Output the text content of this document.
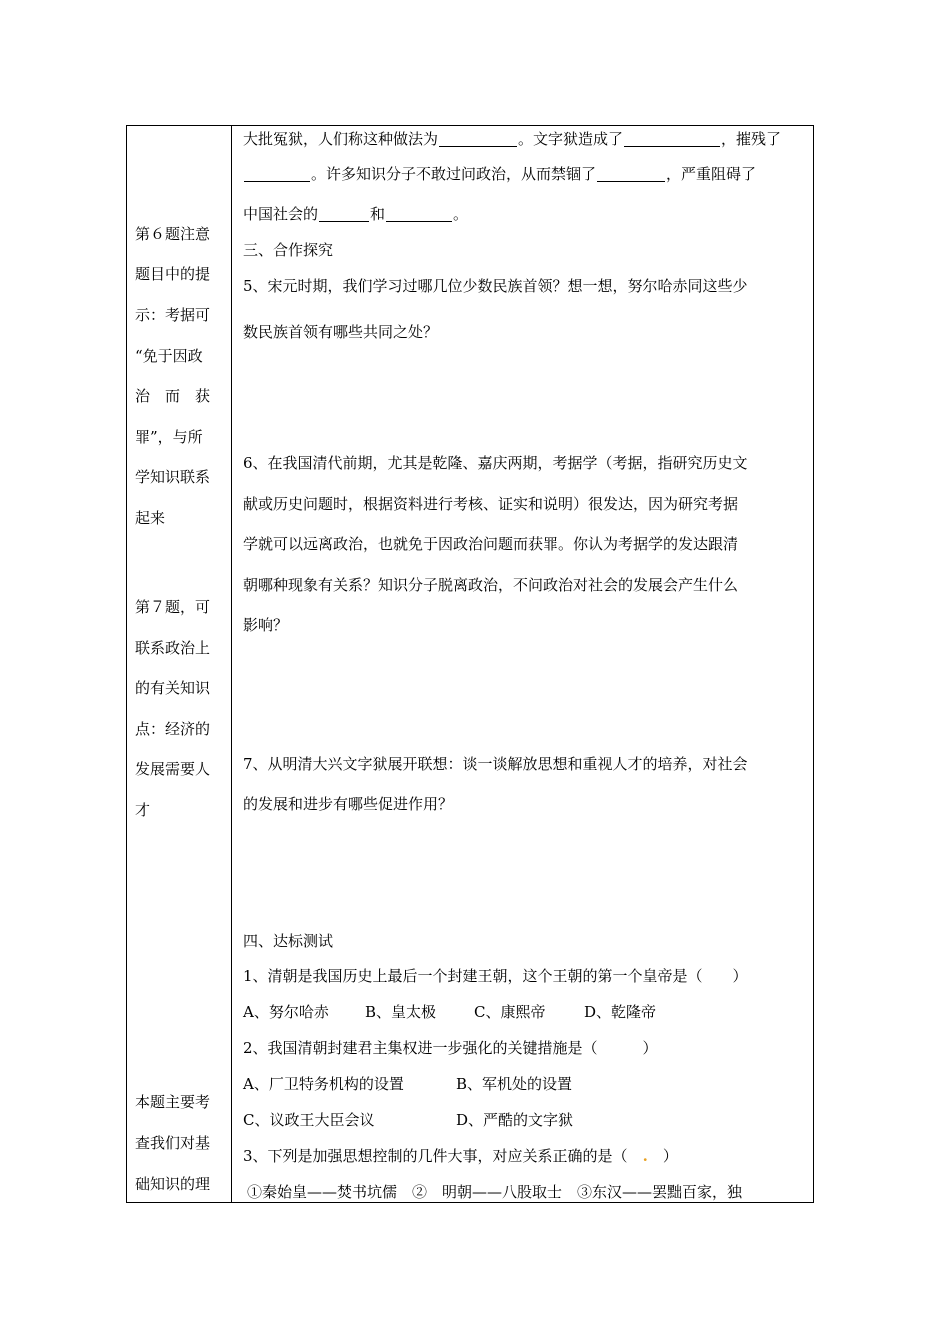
第６题注意
题目中的提
示：考据可
“免于因政
治　而　获
罪”，与所
学知识联系
起来
第７题，可
联系政治上
的有关知识
点：经济的
发展需要人
才
本题主要考
查我们对基
础知识的理
大批冤狱，人们称这种做法为	。文字狱造成了	，摧残了
。许多知识分子不敢过问政治，从而禁锢了	，严重阻碍了
中国社会的	和	。
三、合作探究
5、宋元时期，我们学习过哪几位少数民族首领？想一想，努尔哈赤同这些少
数民族首领有哪些共同之处？
6、在我国清代前期，尤其是乾隆、嘉庆两期，考据学（考据，指研究历史文
献或历史问题时，根据资料进行考核、证实和说明）很发达，因为研究考据
学就可以远离政治，也就免于因政治问题而获罪。你认为考据学的发达跟清
朝哪种现象有关系？知识分子脱离政治，不问政治对社会的发展会产生什么
影响？
7、从明清大兴文字狱展开联想：谈一谈解放思想和重视人才的培养，对社会
的发展和进步有哪些促进作用？
四、达标测试
1、清朝是我国历史上最后一个封建王朝，这个王朝的第一个皇帝是（　　）
A、努尔哈赤 B、皇太极	C、康熙帝	D、乾隆帝
2、我国清朝封建君主集权进一步强化的关键措施是（　　　）
A、厂卫特务机构的设置	B、军机处的设置
C、议政王大臣会议	D、严酷的文字狱
3、下列是加强思想控制的几件大事，对应关系正确的是（　 .　 ）
①秦始皇——焚书坑儒　②　明朝——八股取士　③东汉——罢黜百家，独
